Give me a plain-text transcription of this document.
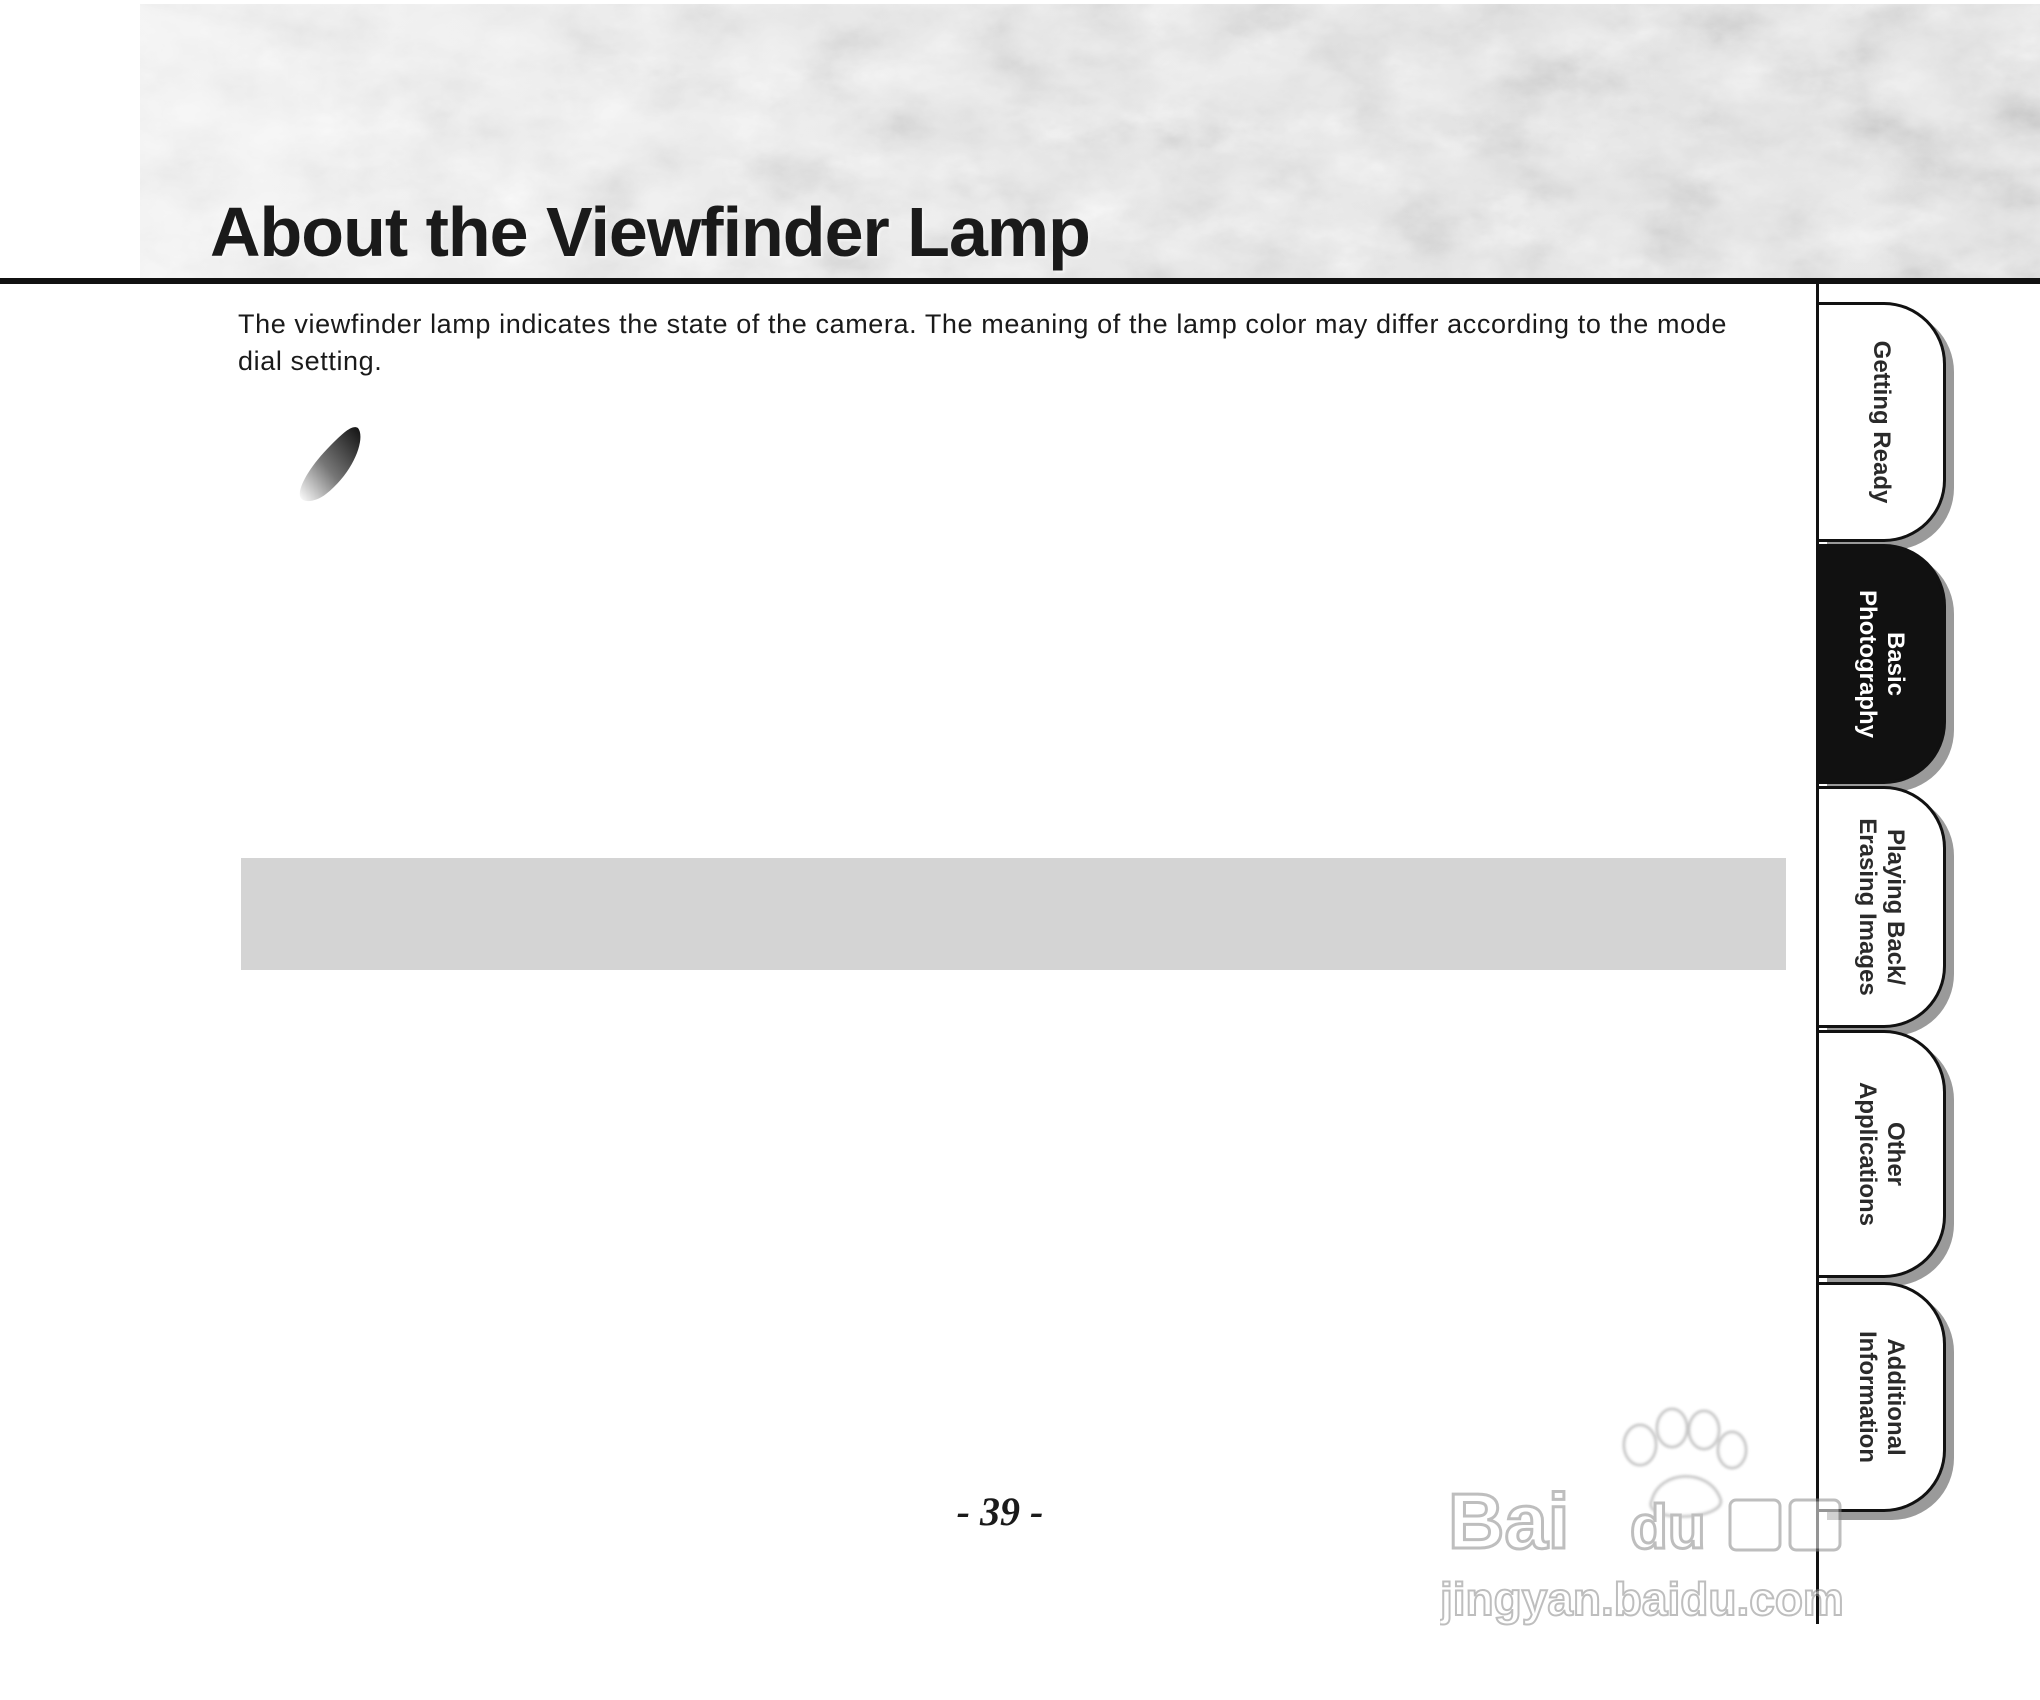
About the Viewfinder Lamp

The viewfinder lamp indicates the state of the camera. The meaning of the lamp color may differ according to the mode dial setting.

- 39 -
Getting Ready
Basic
Photography
Playing Back/
Erasing Images
Other
Applications
Additional
Information
Bai du
jingyan.baidu.com
